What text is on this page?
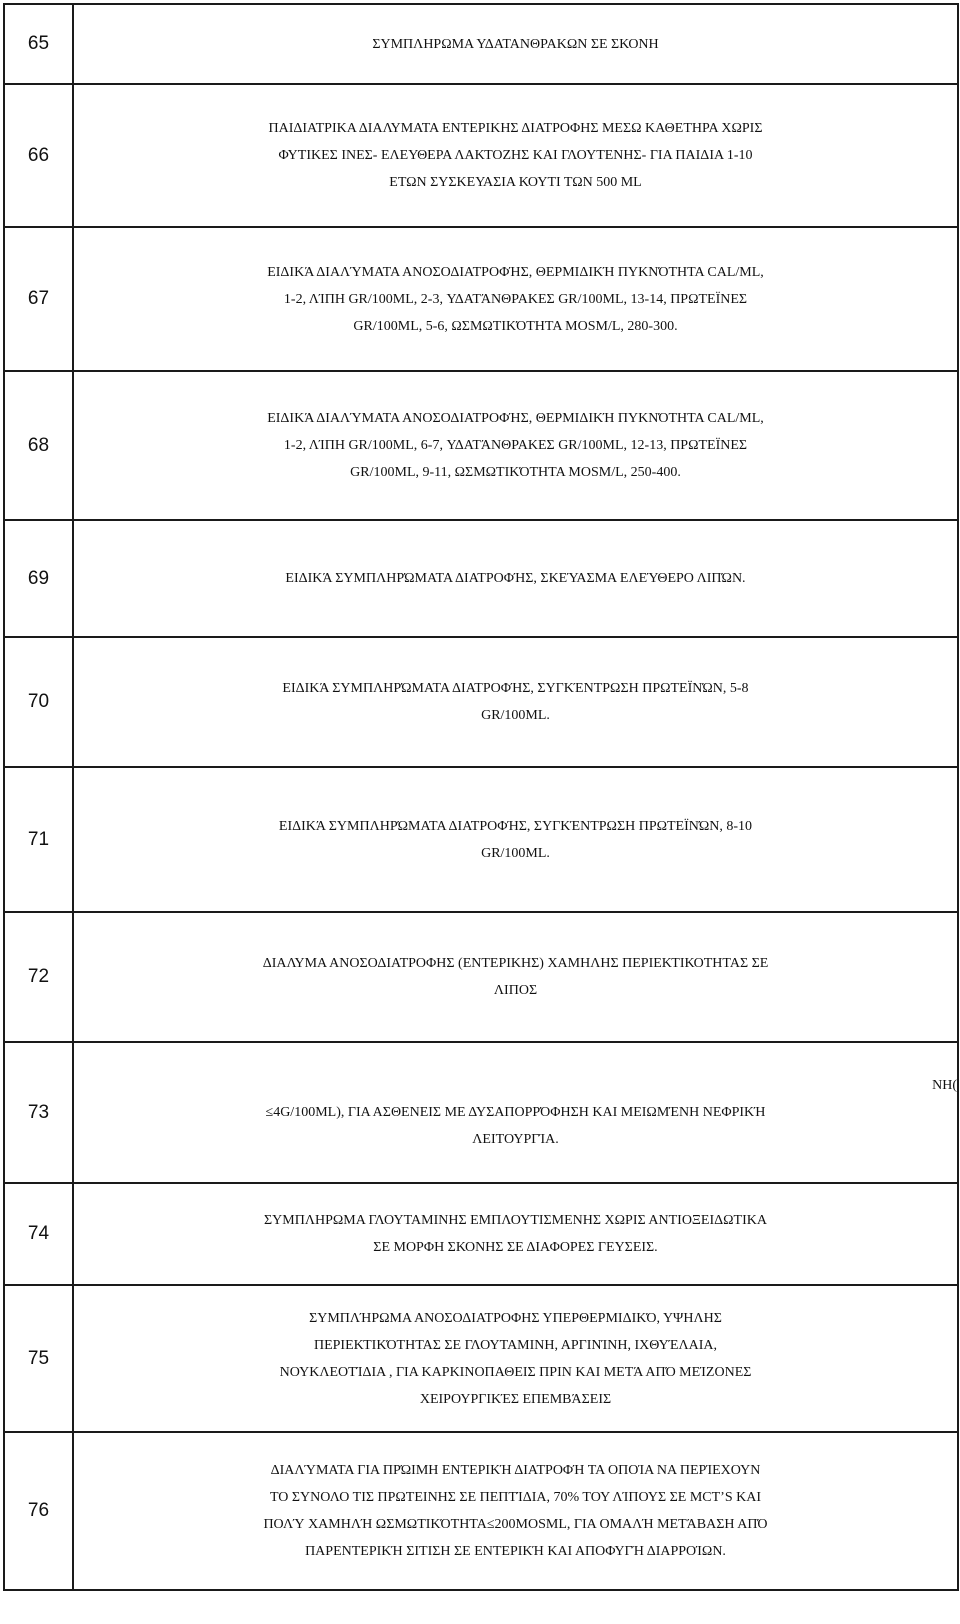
65	ΣΥΜΠΛΗΡΩΜΑ ΥΔΑΤΑΝΘΡΑΚΩΝ ΣΕ ΣΚΟΝΗ

66	ΠΑΙΔΙΑΤΡΙΚΑ ΔΙΑΛΥΜΑΤΑ ΕΝΤΕΡΙΚΗΣ ΔΙΑΤΡΟΦΗΣ ΜΕΣΩ ΚΑΘΕΤΗΡΑ ΧΩΡΙΣ
ΦΥΤΙΚΕΣ ΙΝΕΣ- ΕΛΕΥΘΕΡΑ ΛΑΚΤΟΖΗΣ ΚΑΙ ΓΛΟΥΤΕΝΗΣ- ΓΙΑ ΠΑΙΔΙΑ 1-10
ΕΤΩΝ ΣΥΣΚΕΥΑΣΙΑ ΚΟΥΤΙ ΤΩΝ 500 ML

67	ΕΙΔΙΚΆ ΔΙΑΛΎΜΑΤΑ ΑΝΟΣΟΔΙΑΤΡΟΦΉΣ, ΘΕΡΜΙΔΙΚΉ ΠΥΚΝΌΤΗΤΑ CAL/ML,
1-2, ΛΊΠΗ GR/100ML, 2-3, ΥΔΑΤΆΝΘΡΑΚΕΣ GR/100ML, 13-14, ΠΡΩΤΕΪΝΕΣ
GR/100ML, 5-6, ΩΣΜΩΤΙΚΌΤΗΤΑ MOSM/L, 280-300.

68	ΕΙΔΙΚΆ ΔΙΑΛΎΜΑΤΑ ΑΝΟΣΟΔΙΑΤΡΟΦΉΣ, ΘΕΡΜΙΔΙΚΉ ΠΥΚΝΌΤΗΤΑ CAL/ML,
1-2, ΛΊΠΗ GR/100ML, 6-7, ΥΔΑΤΆΝΘΡΑΚΕΣ GR/100ML, 12-13, ΠΡΩΤΕΪΝΕΣ
GR/100ML, 9-11, ΩΣΜΩΤΙΚΌΤΗΤΑ MOSM/L, 250-400.

69	ΕΙΔΙΚΆ ΣΥΜΠΛΗΡΏΜΑΤΑ ΔΙΑΤΡΟΦΉΣ, ΣΚΕΎΑΣΜΑ ΕΛΕΎΘΕΡΟ ΛΙΠΏΝ.

70	ΕΙΔΙΚΆ ΣΥΜΠΛΗΡΏΜΑΤΑ ΔΙΑΤΡΟΦΉΣ, ΣΥΓΚΈΝΤΡΩΣΗ ΠΡΩΤΕΪΝΏΝ, 5-8
GR/100ML.

71	ΕΙΔΙΚΆ ΣΥΜΠΛΗΡΏΜΑΤΑ ΔΙΑΤΡΟΦΉΣ, ΣΥΓΚΈΝΤΡΩΣΗ ΠΡΩΤΕΪΝΏΝ, 8-10
GR/100ML.

72	ΔΙΑΛΥΜΑ ΑΝΟΣΟΔΙΑΤΡΟΦΗΣ (ΕΝΤΕΡΙΚΗΣ) ΧΑΜΗΛΗΣ ΠΕΡΙΕΚΤΙΚΟΤΗΤΑΣ ΣΕ
ΛΙΠΟΣ

73	ΝΗ(
≤4G/100ML), ΓΙΑ ΑΣΘΕΝΕΙΣ ΜΕ ΔΥΣΑΠΟΡΡΌΦΗΣΗ ΚΑΙ ΜΕΙΩΜΈΝΗ ΝΕΦΡΙΚΉ
ΛΕΙΤΟΥΡΓΊΑ.

74	ΣΥΜΠΛΗΡΩΜΑ ΓΛΟΥΤΑΜΙΝΗΣ ΕΜΠΛΟΥΤΙΣΜΕΝΗΣ ΧΩΡΙΣ ΑΝΤΙΟΞΕΙΔΩΤΙΚΑ
ΣΕ ΜΟΡΦΗ ΣΚΟΝΗΣ ΣΕ ΔΙΑΦΟΡΕΣ ΓΕΥΣΕΙΣ.

75	ΣΥΜΠΛΉΡΩΜΑ ΑΝΟΣΟΔΙΑΤΡΟΦΗΣ ΥΠΕΡΘΕΡΜΙΔΙΚΌ, ΥΨΗΛΗΣ
ΠΕΡΙΕΚΤΙΚΌΤΗΤΑΣ ΣΕ ΓΛΟΥΤΑΜΙΝΗ, ΑΡΓΙΝΊΝΗ, ΙΧΘΥΈΛΑΙΑ,
ΝΟΥΚΛΕΟΤΊΔΙΑ , ΓΙΑ ΚΑΡΚΙΝΟΠΑΘΕΙΣ ΠΡΙΝ ΚΑΙ ΜΕΤΆ ΑΠΌ ΜΕΊΖΟΝΕΣ
ΧΕΙΡΟΥΡΓΙΚΈΣ ΕΠΕΜΒΆΣΕΙΣ

76	ΔΙΑΛΎΜΑΤΑ ΓΙΑ ΠΡΏΙΜΗ ΕΝΤΕΡΙΚΉ ΔΙΑΤΡΟΦΉ ΤΑ ΟΠΟΊΑ ΝΑ ΠΕΡΊΕΧΟΥΝ
ΤΟ ΣΥΝΟΛΟ ΤΙΣ ΠΡΩΤΕΙΝΗΣ ΣΕ ΠΕΠΤΊΔΙΑ, 70% ΤΟΥ ΛΊΠΟΥΣ ΣΕ MCT’S ΚΑΙ
ΠΟΛΎ ΧΑΜΗΛΉ ΩΣΜΩΤΙΚΌΤΗΤΑ≤200MOSML, ΓΙΑ ΟΜΑΛΉ ΜΕΤΆΒΑΣΗ ΑΠΌ
ΠΑΡΕΝΤΕΡΙΚΉ ΣΙΤΙΣΗ ΣΕ ΕΝΤΕΡΙΚΉ ΚΑΙ ΑΠΟΦΥΓΉ ΔΙΑΡΡΟΊΩΝ.
